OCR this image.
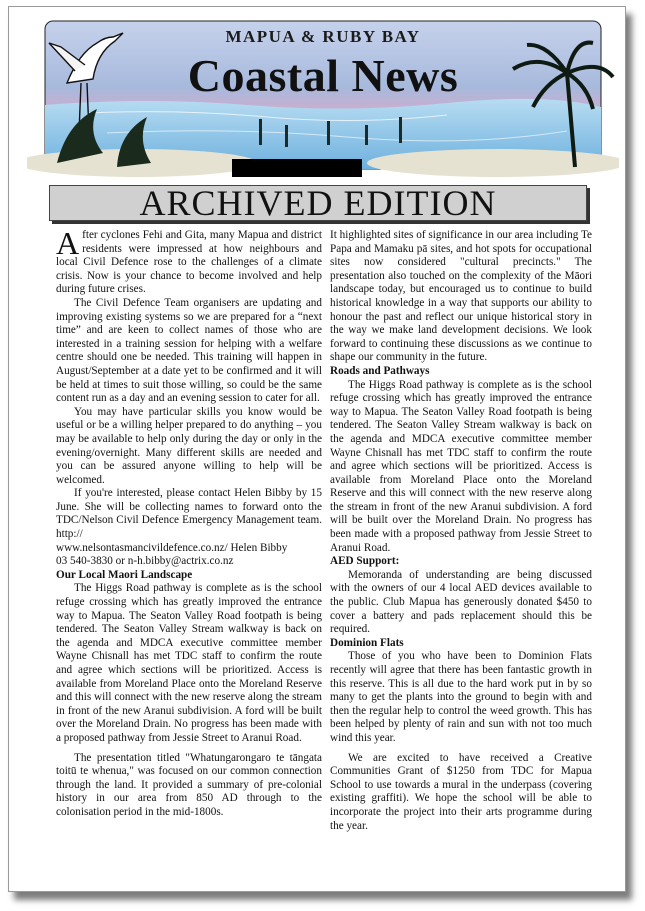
MAPUA & RUBY BAY
Coastal News
ARCHIVED EDITION

After cyclones Fehi and Gita, many Mapua and district residents were impressed at how neighbours and local Civil Defence rose to the challenges of a climate crisis. Now is your chance to become involved and help during future crises.

The Civil Defence Team organisers are updating and improving existing systems so we are prepared for a “next time” and are keen to collect names of those who are interested in a training session for helping with a welfare centre should one be needed. This training will happen in August/September at a date yet to be confirmed and it will be held at times to suit those willing, so could be the same content run as a day and an evening session to cater for all.

You may have particular skills you know would be useful or be a willing helper prepared to do anything – you may be available to help only during the day or only in the evening/overnight. Many different skills are needed and you can be assured anyone willing to help will be welcomed.

If you're interested, please contact Helen Bibby by 15 June. She will be collecting names to forward onto the TDC/Nelson Civil Defence Emergency Management team. http://

www.nelsontasmancivildefence.co.nz/ Helen Bibby

03 540-3830 or n-h.bibby@actrix.co.nz

Our Local Maori Landscape

The Higgs Road pathway is complete as is the school refuge crossing which has greatly improved the entrance way to Mapua. The Seaton Valley Road footpath is being tendered. The Seaton Valley Stream walkway is back on the agenda and MDCA executive committee member Wayne Chisnall has met TDC staff to confirm the route and agree which sections will be prioritized. Access is available from Moreland Place onto the Moreland Reserve and this will connect with the new reserve along the stream in front of the new Aranui subdivision. A ford will be built over the Moreland Drain. No progress has been made with a proposed pathway from Jessie Street to Aranui Road.

The presentation titled "Whatungarongaro te tāngata toitū te whenua," was focused on our common connection through the land. It provided a summary of pre-colonial history in our area from 850 AD through to the colonisation period in the mid-1800s.

It highlighted sites of significance in our area including Te Papa and Mamaku pā sites, and hot spots for occupational sites now considered "cultural precincts." The presentation also touched on the complexity of the Māori landscape today, but encouraged us to continue to build historical knowledge in a way that supports our ability to honour the past and reflect our unique historical story in the way we make land development decisions. We look forward to continuing these discussions as we continue to shape our community in the future.

Roads and Pathways

The Higgs Road pathway is complete as is the school refuge crossing which has greatly improved the entrance way to Mapua. The Seaton Valley Road footpath is being tendered. The Seaton Valley Stream walkway is back on the agenda and MDCA executive committee member Wayne Chisnall has met TDC staff to confirm the route and agree which sections will be prioritized. Access is available from Moreland Place onto the Moreland Reserve and this will connect with the new reserve along the stream in front of the new Aranui subdivision. A ford will be built over the Moreland Drain. No progress has been made with a proposed pathway from Jessie Street to Aranui Road.

AED Support:

Memoranda of understanding are being discussed with the owners of our 4 local AED devices available to the public. Club Mapua has generously donated $450 to cover a battery and pads replacement should this be required.

Dominion Flats

Those of you who have been to Dominion Flats recently will agree that there has been fantastic growth in this reserve. This is all due to the hard work put in by so many to get the plants into the ground to begin with and then the regular help to control the weed growth. This has been helped by plenty of rain and sun with not too much wind this year.

We are excited to have received a Creative Communities Grant of $1250 from TDC for Mapua School to use towards a mural in the underpass (covering existing graffiti). We hope the school will be able to incorporate the project into their arts programme during the year.
